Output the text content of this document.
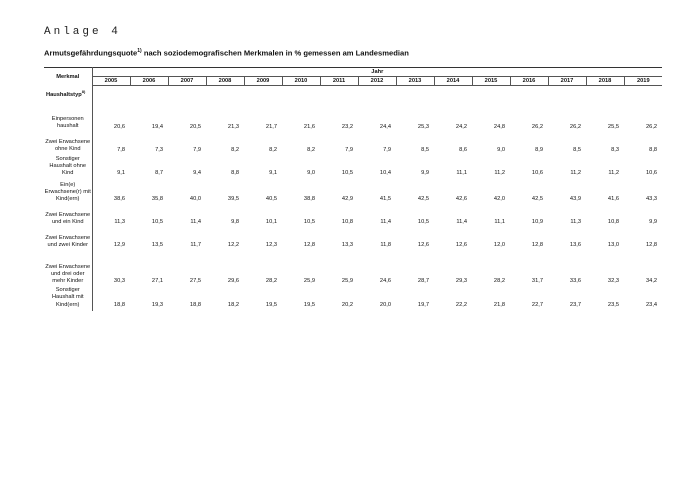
Anlage 4
Armutsgefährdungsquote$^{1)}$ nach soziodemografischen Merkmalen in % gemessen am Landesmedian
Merkmal	Jahr														
	2005	2006	2007	2008	2009	2010	2011	2012	2013	2014	2015	2016	2017	2018	2019
Haushaltstyp$^{8)}$	
Einpersonen haushalt	20,6	19,4	20,5	21,3	21,7	21,6	23,2	24,4	25,3	24,2	24,8	26,2	26,2	25,5	26,2
Zwei Erwachsene ohne Kind	7,8	7,3	7,9	8,2	8,2	8,2	7,9	7,9	8,5	8,6	9,0	8,9	8,5	8,3	8,8
Sonstiger Haushalt ohne Kind	9,1	8,7	9,4	8,8	9,1	9,0	10,5	10,4	9,9	11,1	11,2	10,6	11,2	11,2	10,6
Ein(e) Erwachsene(r) mit Kind(ern)	38,6	35,8	40,0	39,5	40,5	38,8	42,9	41,5	42,5	42,6	42,0	42,5	43,9	41,6	43,3
Zwei Erwachsene und ein Kind	11,3	10,5	11,4	9,8	10,1	10,5	10,8	11,4	10,5	11,4	11,1	10,9	11,3	10,8	9,9
Zwei Erwachsene und zwei Kinder	12,9	13,5	11,7	12,2	12,3	12,8	13,3	11,8	12,6	12,6	12,0	12,8	13,6	13,0	12,8
Zwei Erwachsene und drei oder mehr Kinder	30,3	27,1	27,5	29,6	28,2	25,9	25,9	24,6	28,7	29,3	28,2	31,7	33,6	32,3	34,2
Sonstiger Haushalt mit Kind(ern)	18,8	19,3	18,8	18,2	19,5	19,5	20,2	20,0	19,7	22,2	21,8	22,7	23,7	23,5	23,4
